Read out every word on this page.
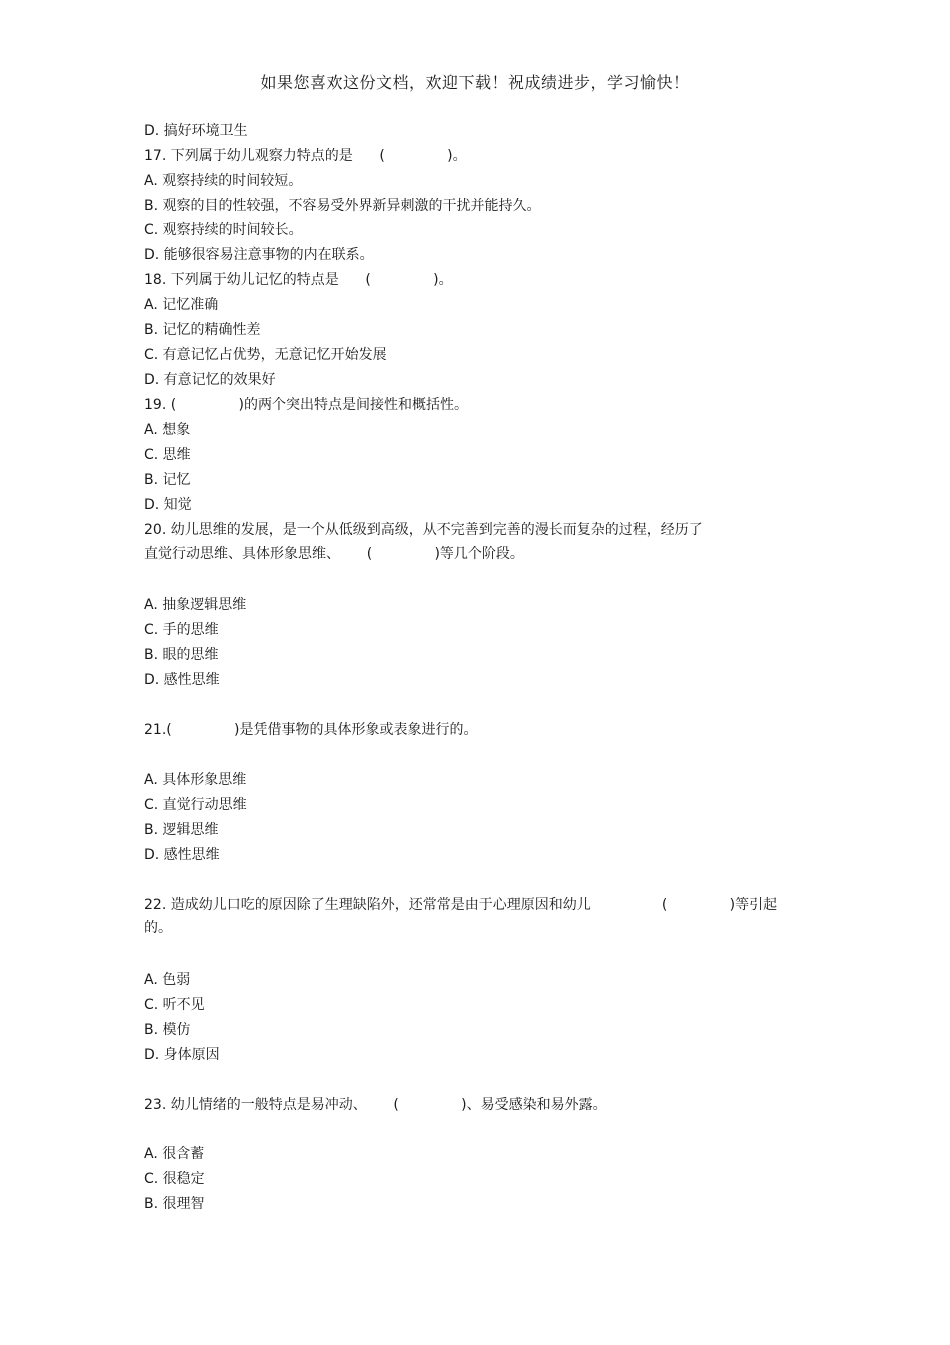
如果您喜欢这份文档，欢迎下载！祝成绩进步，学习愉快！
D. 搞好环境卫生
17. 下列属于幼儿观察力特点的是      (              )。
A. 观察持续的时间较短。
B. 观察的目的性较强，不容易受外界新异刺激的干扰并能持久。
C. 观察持续的时间较长。
D. 能够很容易注意事物的内在联系。
18. 下列属于幼儿记忆的特点是      (              )。
A. 记忆准确
B. 记忆的精确性差
C. 有意记忆占优势，无意记忆开始发展
D. 有意记忆的效果好
19. (              )的两个突出特点是间接性和概括性。
A. 想象
C. 思维
B. 记忆
D. 知觉
20. 幼儿思维的发展，是一个从低级到高级，从不完善到完善的漫长而复杂的过程，经历了
直觉行动思维、具体形象思维、      (              )等几个阶段。
A. 抽象逻辑思维
C. 手的思维
B. 眼的思维
D. 感性思维
21.(              )是凭借事物的具体形象或表象进行的。
A. 具体形象思维
C. 直觉行动思维
B. 逻辑思维
D. 感性思维
22. 造成幼儿口吃的原因除了生理缺陷外，还常常是由于心理原因和幼儿                (              )等引起
的。
A. 色弱
C. 听不见
B. 模仿
D. 身体原因
23. 幼儿情绪的一般特点是易冲动、      (              )、易受感染和易外露。
A. 很含蓄
C. 很稳定
B. 很理智
